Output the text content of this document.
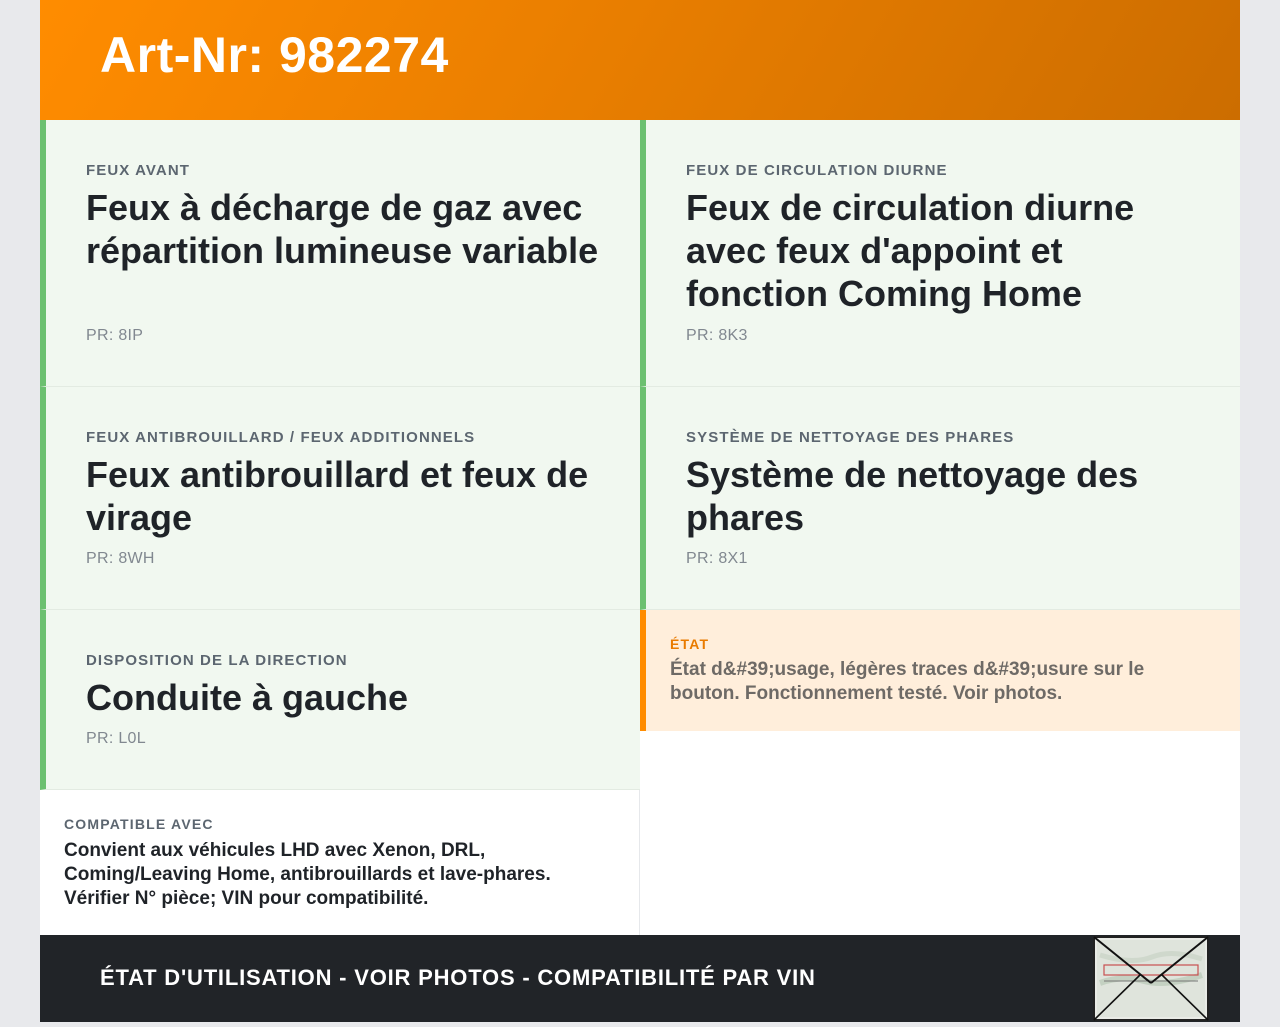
Art-Nr: 982274
FEUX AVANT
Feux à décharge de gaz avec répartition lumineuse variable
PR: 8IP
FEUX DE CIRCULATION DIURNE
Feux de circulation diurne avec feux d'appoint et fonction Coming Home
PR: 8K3
FEUX ANTIBROUILLARD / FEUX ADDITIONNELS
Feux antibrouillard et feux de virage
PR: 8WH
SYSTÈME DE NETTOYAGE DES PHARES
Système de nettoyage des phares
PR: 8X1
DISPOSITION DE LA DIRECTION
Conduite à gauche
PR: L0L
ÉTAT
État d&#39;usage, légères traces d&#39;usure sur le bouton. Fonctionnement testé. Voir photos.
COMPATIBLE AVEC
Convient aux véhicules LHD avec Xenon, DRL, Coming/Leaving Home, antibrouillards et lave-phares. Vérifier N° pièce; VIN pour compatibilité.
ÉTAT D'UTILISATION - VOIR PHOTOS - COMPATIBILITÉ PAR VIN
